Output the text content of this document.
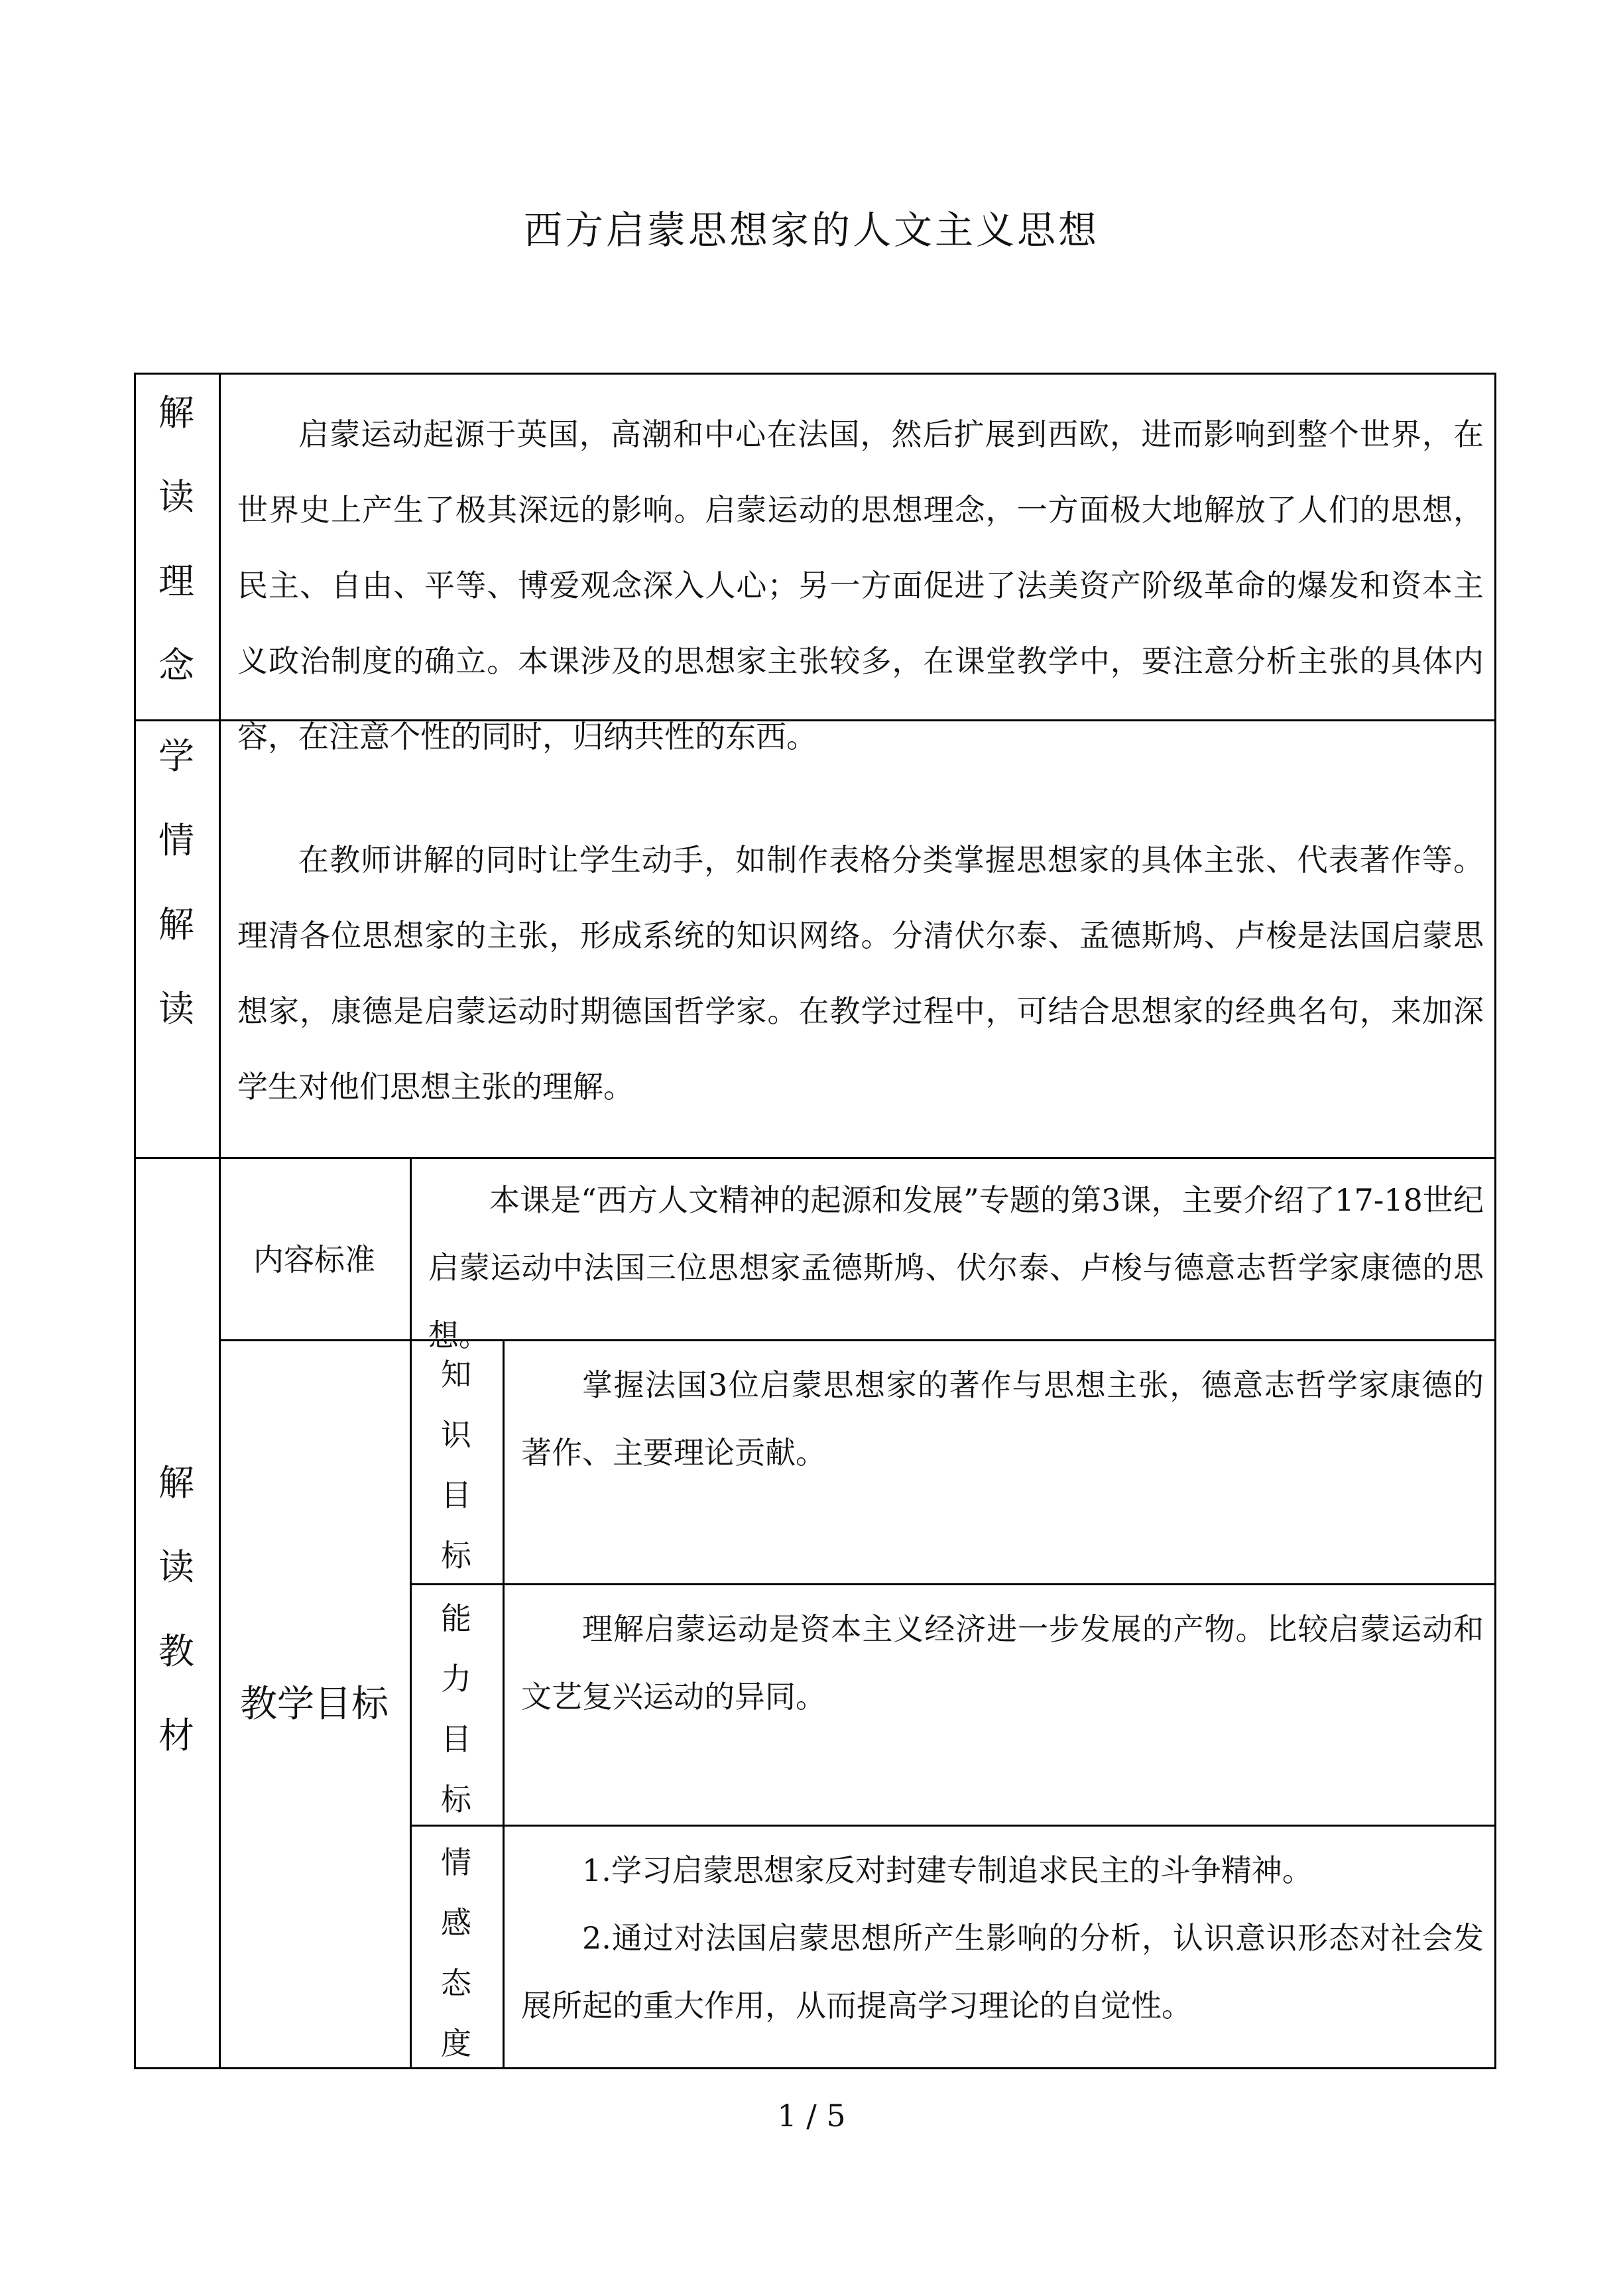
西方启蒙思想家的人文主义思想
解
读
理
念
启蒙运动起源于英国，高潮和中心在法国，然后扩展到西欧，进而影响到整个世界，在世界史上产生了极其深远的影响。启蒙运动的思想理念，一方面极大地解放了人们的思想，民主、自由、平等、博爱观念深入人心；另一方面促进了法美资产阶级革命的爆发和资本主义政治制度的确立。本课涉及的思想家主张较多，在课堂教学中，要注意分析主张的具体内容，在注意个性的同时，归纳共性的东西。
学
情
解
读
在教师讲解的同时让学生动手，如制作表格分类掌握思想家的具体主张、代表著作等。理清各位思想家的主张，形成系统的知识网络。分清伏尔泰、孟德斯鸠、卢梭是法国启蒙思想家，康德是启蒙运动时期德国哲学家。在教学过程中，可结合思想家的经典名句，来加深学生对他们思想主张的理解。
解
读
教
材
内容标准
本课是“西方人文精神的起源和发展”专题的第3课，主要介绍了17-18世纪启蒙运动中法国三位思想家孟德斯鸠、伏尔泰、卢梭与德意志哲学家康德的思想。
教学目标
知
识
目
标
掌握法国3位启蒙思想家的著作与思想主张，德意志哲学家康德的著作、主要理论贡献。
能
力
目
标
理解启蒙运动是资本主义经济进一步发展的产物。比较启蒙运动和文艺复兴运动的异同。
情
感
态
度
1.学习启蒙思想家反对封建专制追求民主的斗争精神。
2.通过对法国启蒙思想所产生影响的分析，认识意识形态对社会发展所起的重大作用，从而提高学习理论的自觉性。
1 / 5
